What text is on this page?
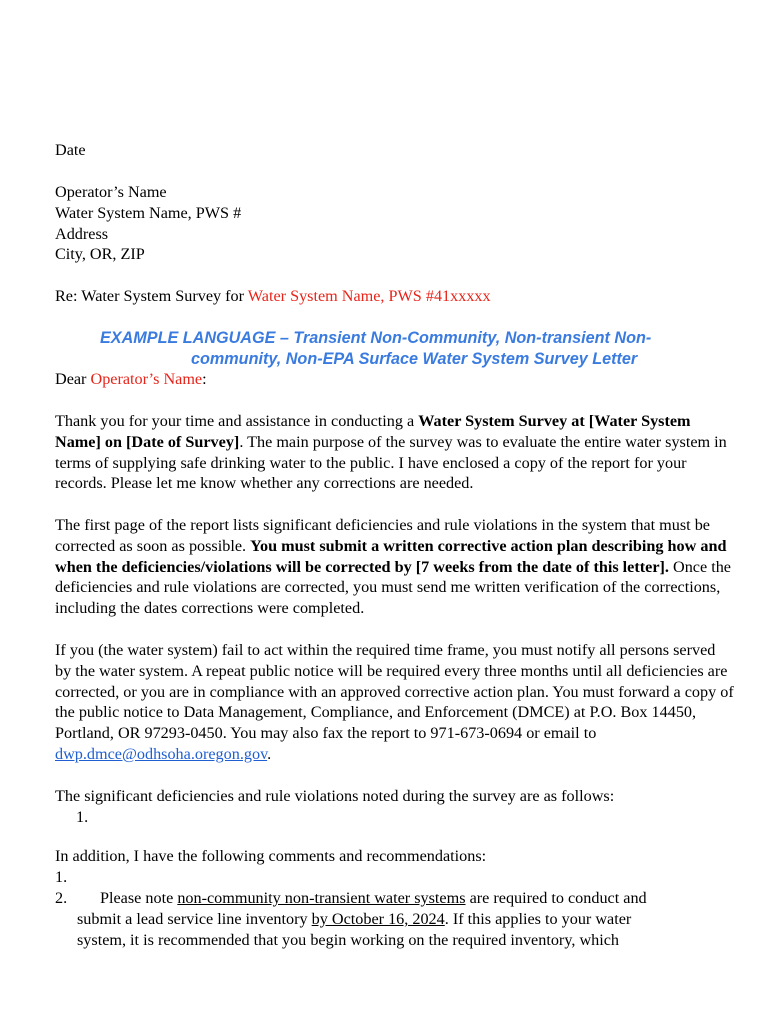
Date

Operator’s Name
Water System Name, PWS #
Address
City, OR, ZIP

Re: Water System Survey for Water System Name, PWS #41xxxxx

EXAMPLE LANGUAGE – Transient Non-Community, Non-transient Non-
community, Non-EPA Surface Water System Survey Letter

Dear Operator’s Name:

Thank you for your time and assistance in conducting a Water System Survey at [Water System Name] on [Date of Survey]. The main purpose of the survey was to evaluate the entire water system in terms of supplying safe drinking water to the public. I have enclosed a copy of the report for your records. Please let me know whether any corrections are needed.

The first page of the report lists significant deficiencies and rule violations in the system that must be corrected as soon as possible. You must submit a written corrective action plan describing how and when the deficiencies/violations will be corrected by [7 weeks from the date of this letter]. Once the deficiencies and rule violations are corrected, you must send me written verification of the corrections, including the dates corrections were completed.

If you (the water system) fail to act within the required time frame, you must notify all persons served by the water system. A repeat public notice will be required every three months until all deficiencies are corrected, or you are in compliance with an approved corrective action plan. You must forward a copy of the public notice to Data Management, Compliance, and Enforcement (DMCE) at P.O. Box 14450, Portland, OR 97293-0450. You may also fax the report to 971-673-0694 or email to dwp.dmce@odhsoha.oregon.gov.

The significant deficiencies and rule violations noted during the survey are as follows:

1.

In addition, I have the following comments and recommendations:

1.

2. Please note non-community non-transient water systems are required to conduct and
submit a lead service line inventory by October 16, 2024. If this applies to your water
system, it is recommended that you begin working on the required inventory, which
